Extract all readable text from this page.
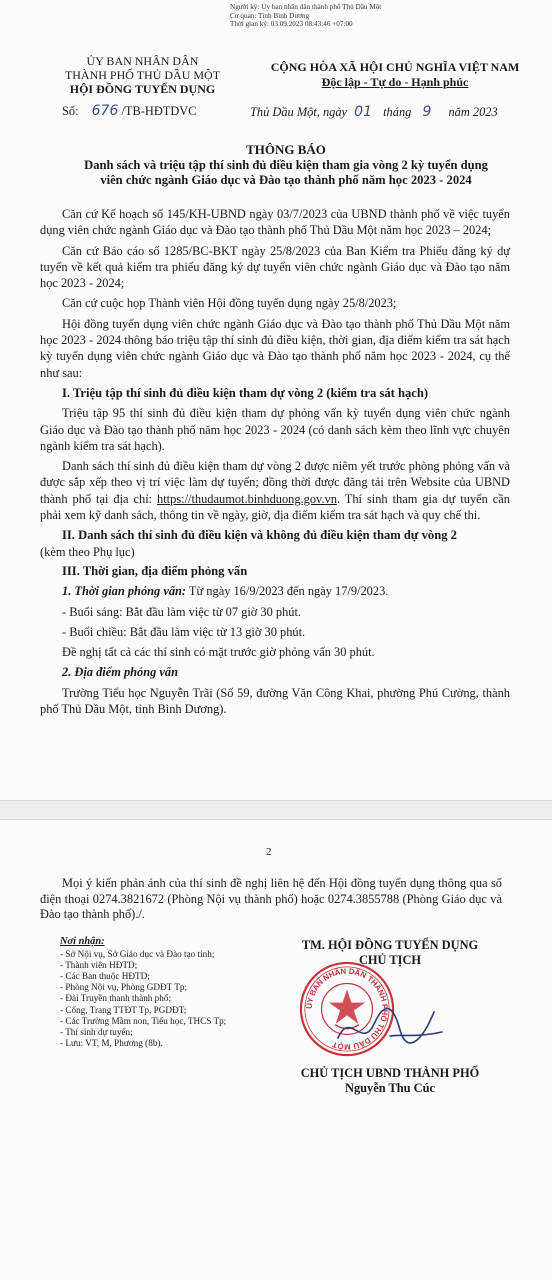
Người ký: Ủy ban nhân dân thành phố Thủ Dầu Một
Cơ quan: Tỉnh Bình Dương
Thời gian ký: 03.09.2023 08:43:46 +07:00
ỦY BAN NHÂN DÂN
THÀNH PHỐ THỦ DẦU MỘT
HỘI ĐỒNG TUYỂN DỤNG
Số: 676 /TB-HĐTDVC
CỘNG HÒA XÃ HỘI CHỦ NGHĨA VIỆT NAM
Độc lập - Tự do - Hạnh phúc
Thủ Dầu Một, ngày 01 tháng 9 năm 2023
THÔNG BÁO
Danh sách và triệu tập thí sinh đủ điều kiện tham gia vòng 2 kỳ tuyển dụng
viên chức ngành Giáo dục và Đào tạo thành phố năm học 2023 - 2024

Căn cứ Kế hoạch số 145/KH-UBND ngày 03/7/2023 của UBND thành phố về việc tuyển dụng viên chức ngành Giáo dục và Đào tạo thành phố Thủ Dầu Một năm học 2023 – 2024;

Căn cứ Báo cáo số 1285/BC-BKT ngày 25/8/2023 của Ban Kiểm tra Phiếu đăng ký dự tuyển về kết quả kiểm tra phiếu đăng ký dự tuyển viên chức ngành Giáo dục và Đào tạo năm học 2023 - 2024;

Căn cứ cuộc họp Thành viên Hội đồng tuyển dụng ngày 25/8/2023;

Hội đồng tuyển dụng viên chức ngành Giáo dục và Đào tạo thành phố Thủ Dầu Một năm học 2023 - 2024 thông báo triệu tập thí sinh đủ điều kiện, thời gian, địa điểm kiểm tra sát hạch kỳ tuyển dụng viên chức ngành Giáo dục và Đào tạo thành phố năm học 2023 - 2024, cụ thể như sau:

I. Triệu tập thí sinh đủ điều kiện tham dự vòng 2 (kiểm tra sát hạch)

Triệu tập 95 thí sinh đủ điều kiện tham dự phỏng vấn kỳ tuyển dụng viên chức ngành Giáo dục và Đào tạo thành phố năm học 2023 - 2024 (có danh sách kèm theo lĩnh vực chuyên ngành kiểm tra sát hạch).

Danh sách thí sinh đủ điều kiện tham dự vòng 2 được niêm yết trước phòng phỏng vấn và được sắp xếp theo vị trí việc làm dự tuyển; đồng thời được đăng tải trên Website của UBND thành phố tại địa chỉ: https://thudaumot.binhduong.gov.vn. Thí sinh tham gia dự tuyển cần phải xem kỹ danh sách, thông tin về ngày, giờ, địa điểm kiểm tra sát hạch và quy chế thi.

II. Danh sách thí sinh đủ điều kiện và không đủ điều kiện tham dự vòng 2

(kèm theo Phụ lục)

III. Thời gian, địa điểm phỏng vấn

1. Thời gian phỏng vấn: Từ ngày 16/9/2023 đến ngày 17/9/2023.

- Buổi sáng: Bắt đầu làm việc từ 07 giờ 30 phút.

- Buổi chiều: Bắt đầu làm việc từ 13 giờ 30 phút.

Đề nghị tất cả các thí sinh có mặt trước giờ phỏng vấn 30 phút.

2. Địa điểm phỏng vấn

Trường Tiểu học Nguyễn Trãi (Số 59, đường Văn Công Khai, phường Phú Cường, thành phố Thủ Dầu Một, tỉnh Bình Dương).

2
Mọi ý kiến phản ánh của thí sinh đề nghị liên hệ đến Hội đồng tuyển dụng thông qua số điện thoại 0274.3821672 (Phòng Nội vụ thành phố) hoặc 0274.3855788 (Phòng Giáo dục và Đào tạo thành phố)./.
Nơi nhận:
- Sở Nội vụ, Sở Giáo dục và Đào tạo tỉnh;
- Thành viên HĐTD;
- Các Ban thuộc HĐTD;
- Phòng Nội vụ, Phòng GDĐT Tp;
- Đài Truyền thanh thành phố;
- Cổng, Trang TTĐT Tp, PGDĐT;
- Các Trường Mầm non, Tiểu học, THCS Tp;
- Thí sinh dự tuyển;
- Lưu: VT, M, Phương (8b).
TM. HỘI ĐỒNG TUYỂN DỤNG
CHỦ TỊCH
ỦY BAN NHÂN DÂN THÀNH PHỐ THỦ DẦU MỘT
CHỦ TỊCH UBND THÀNH PHỐ
Nguyễn Thu Cúc
